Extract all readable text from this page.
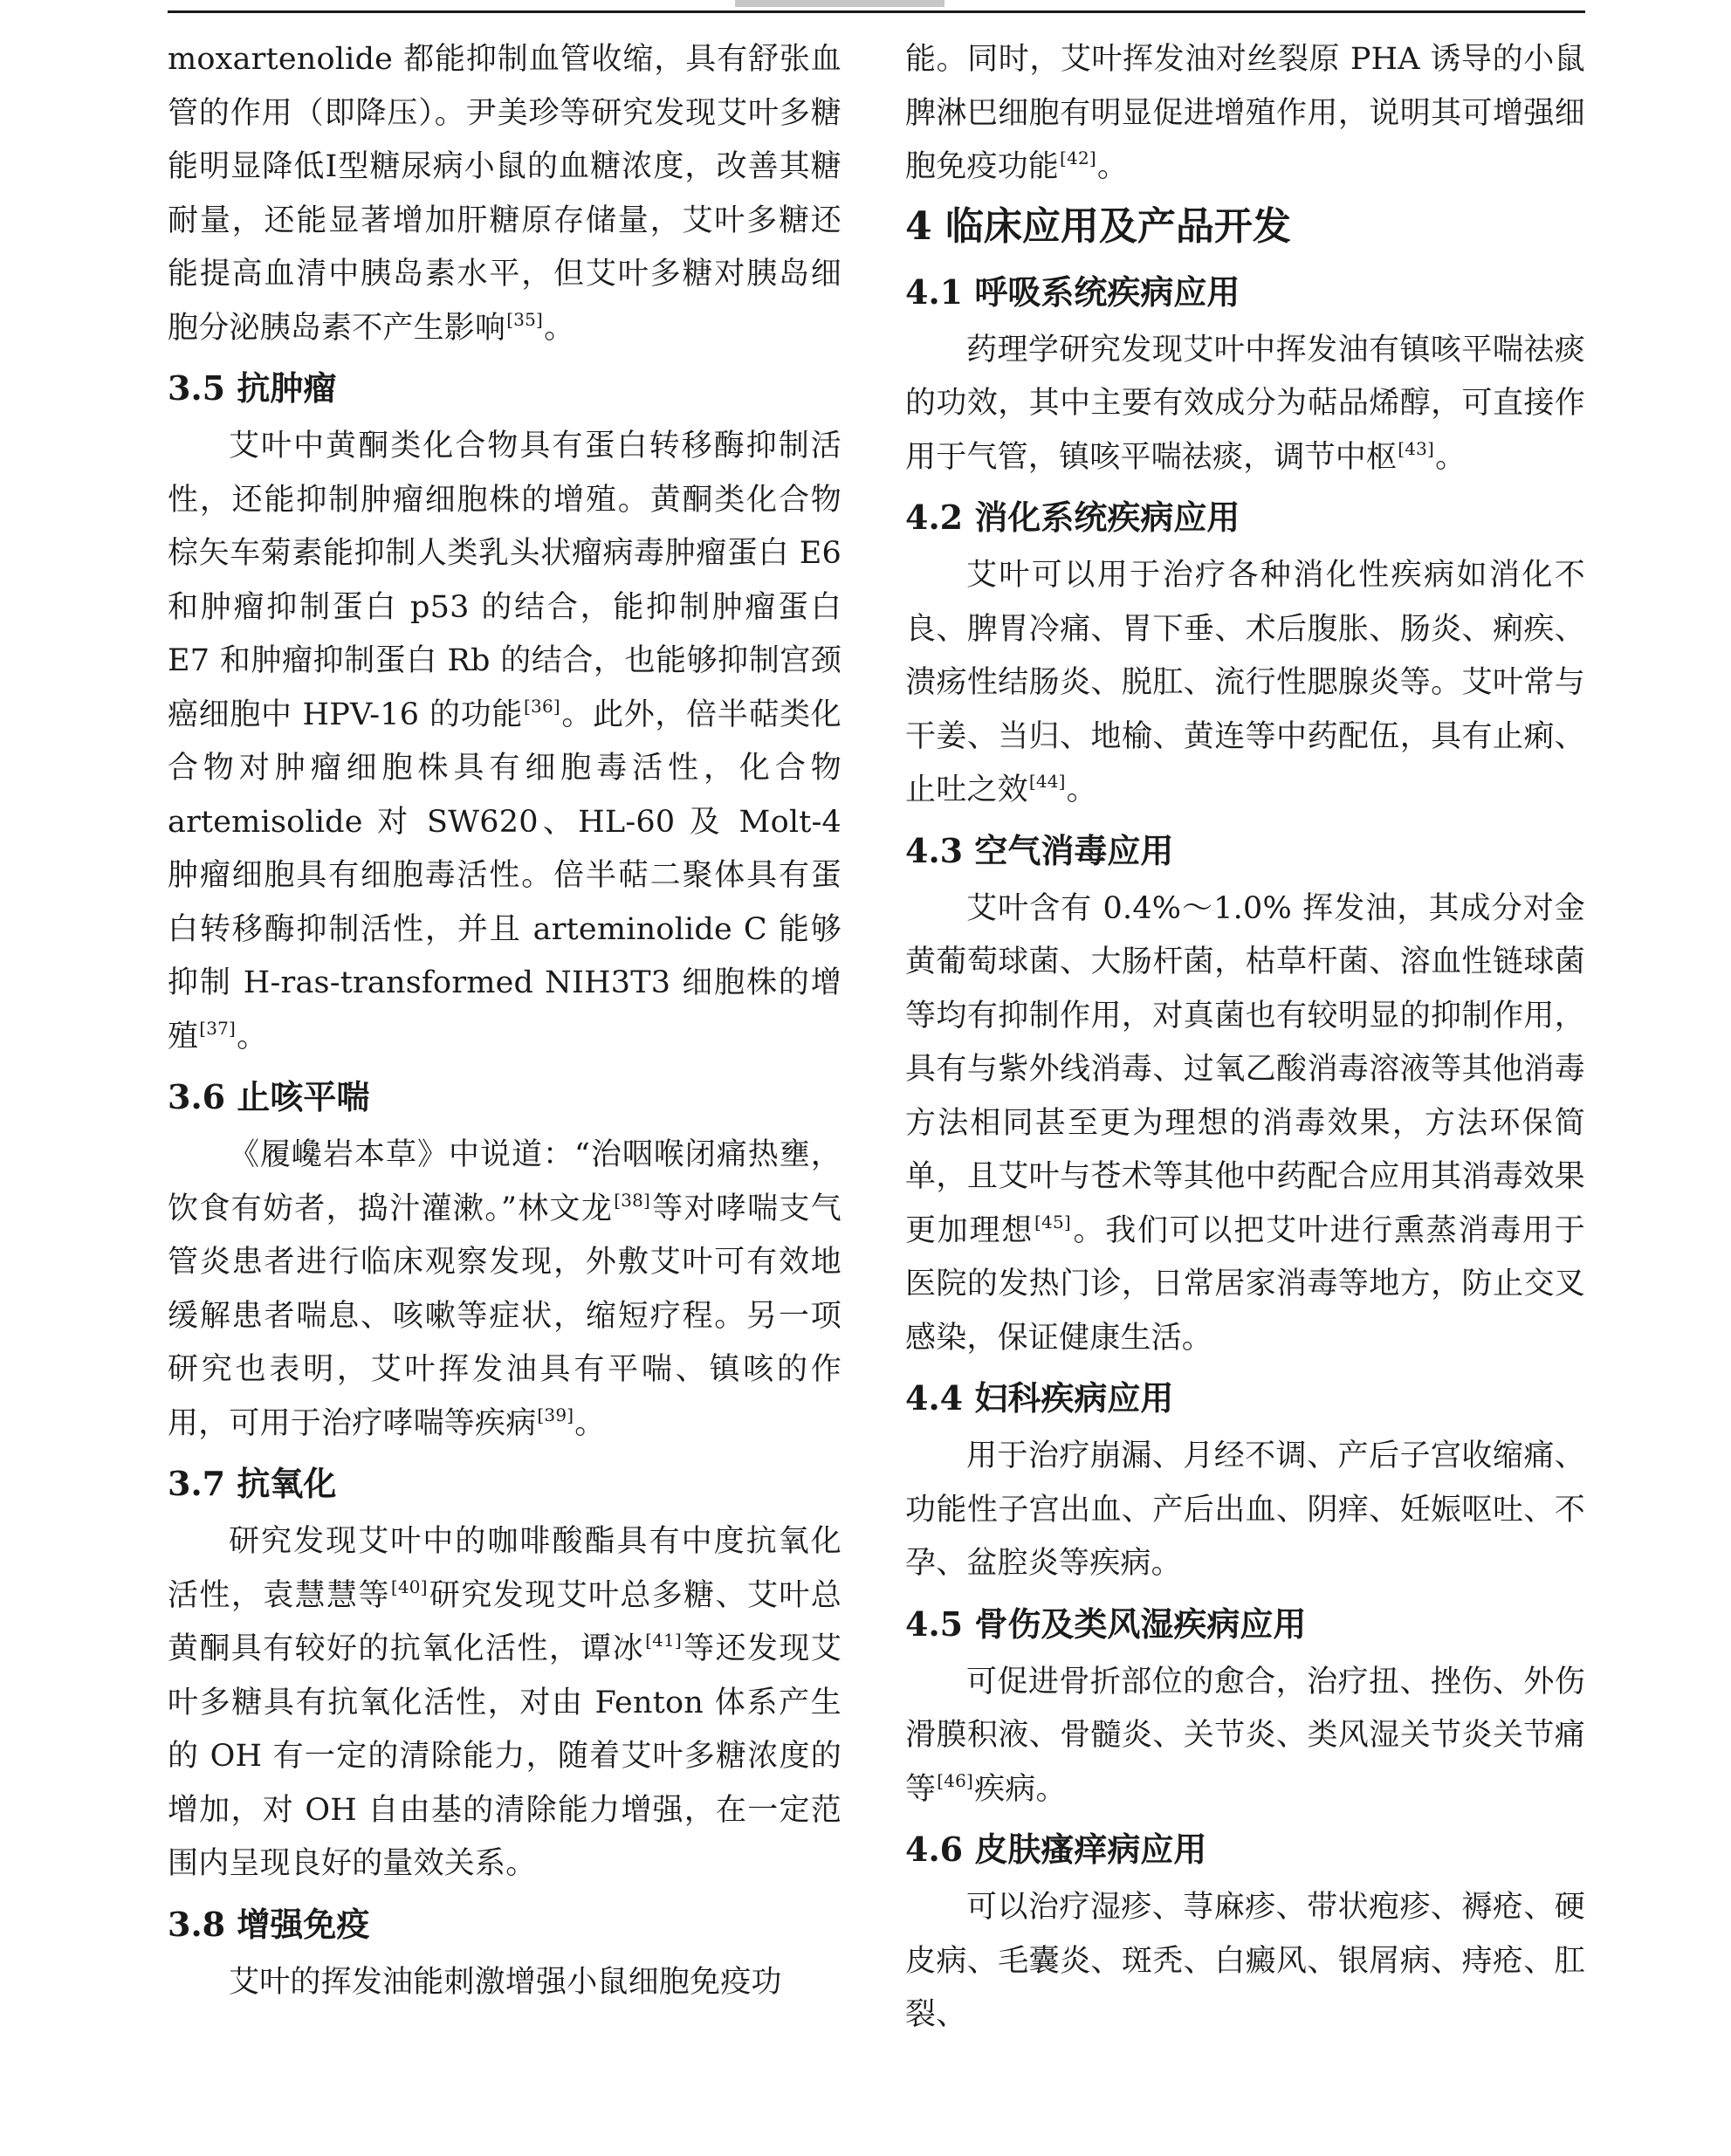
moxartenolide 都能抑制血管收缩，具有舒张血管的作用（即降压）。尹美珍等研究发现艾叶多糖能明显降低Ⅰ型糖尿病小鼠的血糖浓度，改善其糖耐量，还能显著增加肝糖原存储量，艾叶多糖还能提高血清中胰岛素水平，但艾叶多糖对胰岛细胞分泌胰岛素不产生影响[35]。

3.5 抗肿瘤

艾叶中黄酮类化合物具有蛋白转移酶抑制活性，还能抑制肿瘤细胞株的增殖。黄酮类化合物棕矢车菊素能抑制人类乳头状瘤病毒肿瘤蛋白 E6 和肿瘤抑制蛋白 p53 的结合，能抑制肿瘤蛋白 E7 和肿瘤抑制蛋白 Rb 的结合，也能够抑制宫颈癌细胞中 HPV-16 的功能[36]。此外，倍半萜类化合物对肿瘤细胞株具有细胞毒活性，化合物 artemisolide 对 SW620、HL-60 及 Molt-4 肿瘤细胞具有细胞毒活性。倍半萜二聚体具有蛋白转移酶抑制活性，并且 arteminolide C 能够抑制 H-ras-transformed NIH3T3 细胞株的增殖[37]。

3.6 止咳平喘

《履巉岩本草》中说道：“治咽喉闭痛热壅，饮食有妨者，捣汁灌漱。”林文龙[38]等对哮喘支气管炎患者进行临床观察发现，外敷艾叶可有效地缓解患者喘息、咳嗽等症状，缩短疗程。另一项研究也表明，艾叶挥发油具有平喘、镇咳的作用，可用于治疗哮喘等疾病[39]。

3.7 抗氧化

研究发现艾叶中的咖啡酸酯具有中度抗氧化活性，袁慧慧等[40]研究发现艾叶总多糖、艾叶总黄酮具有较好的抗氧化活性，谭冰[41]等还发现艾叶多糖具有抗氧化活性，对由 Fenton 体系产生的 OH 有一定的清除能力，随着艾叶多糖浓度的增加，对 OH 自由基的清除能力增强，在一定范围内呈现良好的量效关系。

3.8 增强免疫

艾叶的挥发油能刺激增强小鼠细胞免疫功

能。同时，艾叶挥发油对丝裂原 PHA 诱导的小鼠脾淋巴细胞有明显促进增殖作用，说明其可增强细胞免疫功能[42]。

4 临床应用及产品开发
4.1 呼吸系统疾病应用

药理学研究发现艾叶中挥发油有镇咳平喘祛痰的功效，其中主要有效成分为萜品烯醇，可直接作用于气管，镇咳平喘祛痰，调节中枢[43]。

4.2 消化系统疾病应用

艾叶可以用于治疗各种消化性疾病如消化不良、脾胃冷痛、胃下垂、术后腹胀、肠炎、痢疾、溃疡性结肠炎、脱肛、流行性腮腺炎等。艾叶常与干姜、当归、地榆、黄连等中药配伍，具有止痢、止吐之效[44]。

4.3 空气消毒应用

艾叶含有 0.4%～1.0% 挥发油，其成分对金黄葡萄球菌、大肠杆菌，枯草杆菌、溶血性链球菌等均有抑制作用，对真菌也有较明显的抑制作用，具有与紫外线消毒、过氧乙酸消毒溶液等其他消毒方法相同甚至更为理想的消毒效果，方法环保简单，且艾叶与苍术等其他中药配合应用其消毒效果更加理想[45]。我们可以把艾叶进行熏蒸消毒用于医院的发热门诊，日常居家消毒等地方，防止交叉感染，保证健康生活。

4.4 妇科疾病应用

用于治疗崩漏、月经不调、产后子宫收缩痛、功能性子宫出血、产后出血、阴痒、妊娠呕吐、不孕、盆腔炎等疾病。

4.5 骨伤及类风湿疾病应用

可促进骨折部位的愈合，治疗扭、挫伤、外伤滑膜积液、骨髓炎、关节炎、类风湿关节炎关节痛等[46]疾病。

4.6 皮肤瘙痒病应用

可以治疗湿疹、荨麻疹、带状疱疹、褥疮、硬皮病、毛囊炎、斑秃、白癜风、银屑病、痔疮、肛裂、
